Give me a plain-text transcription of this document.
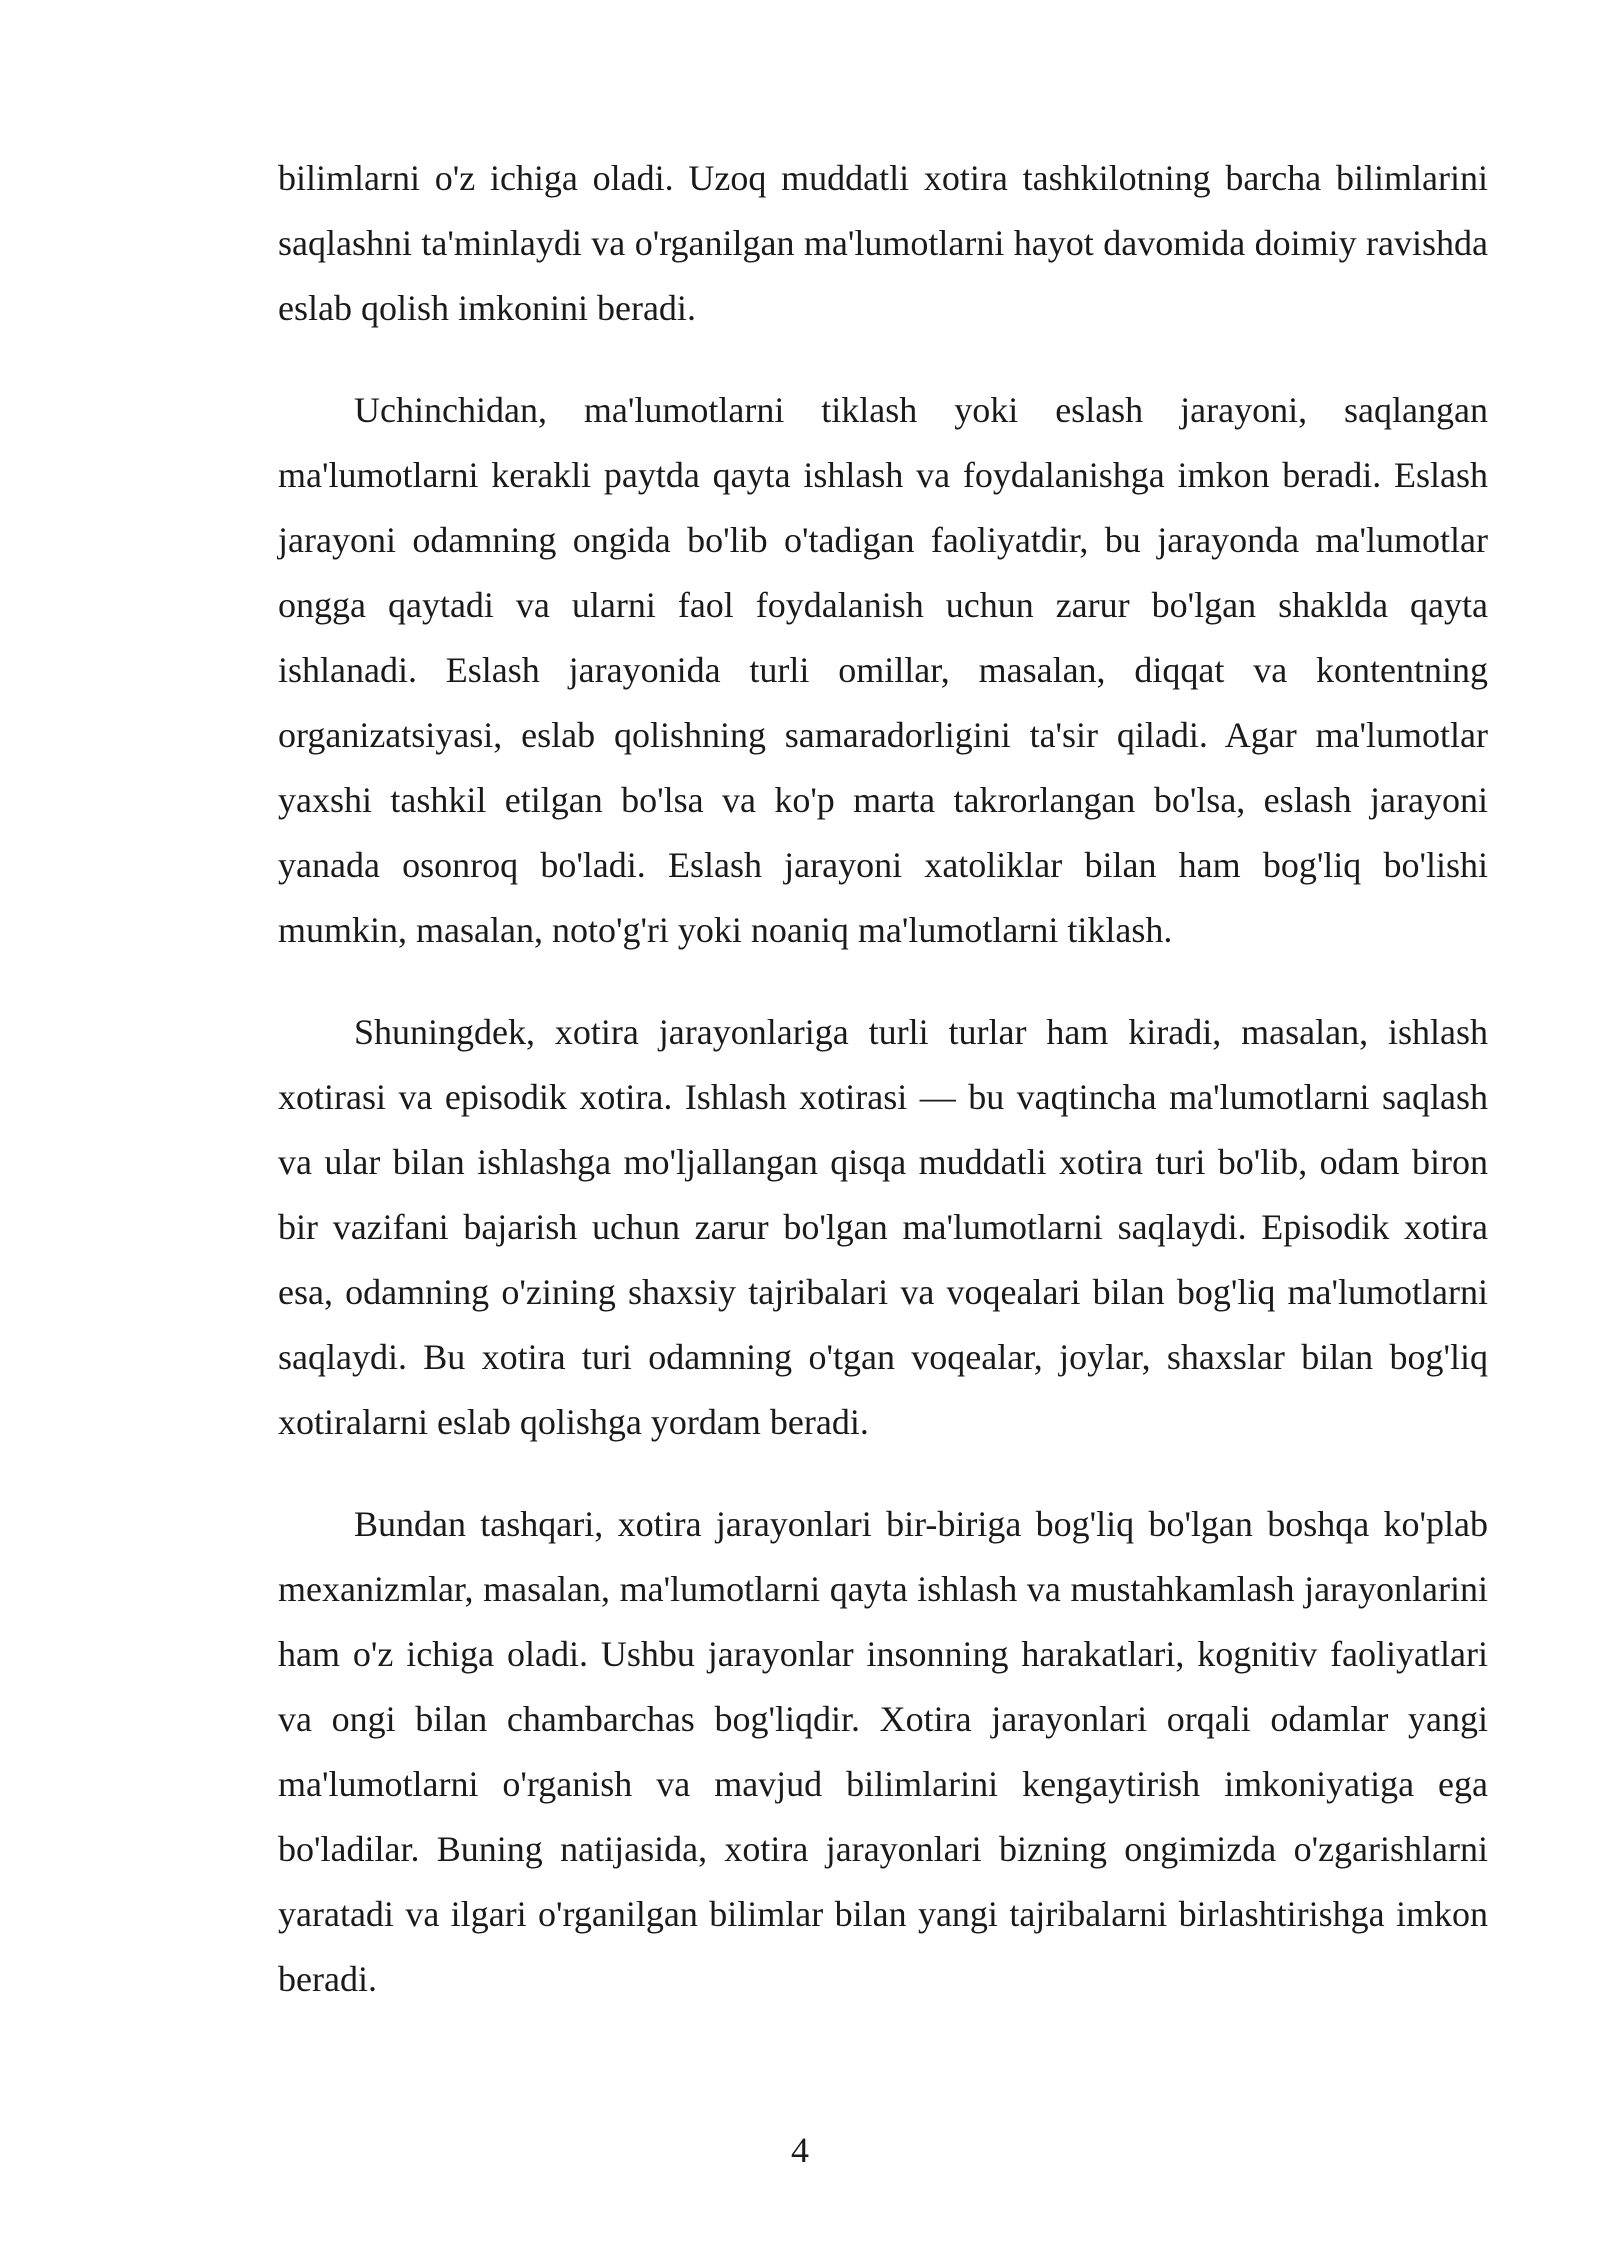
bilimlarni o'z ichiga oladi. Uzoq muddatli xotira tashkilotning barcha bilimlarini saqlashni ta'minlaydi va o'rganilgan ma'lumotlarni hayot davomida doimiy ravishda eslab qolish imkonini beradi.

Uchinchidan, ma'lumotlarni tiklash yoki eslash jarayoni, saqlangan ma'lumotlarni kerakli paytda qayta ishlash va foydalanishga imkon beradi. Eslash jarayoni odamning ongida bo'lib o'tadigan faoliyatdir, bu jarayonda ma'lumotlar ongga qaytadi va ularni faol foydalanish uchun zarur bo'lgan shaklda qayta ishlanadi. Eslash jarayonida turli omillar, masalan, diqqat va kontentning organizatsiyasi, eslab qolishning samaradorligini ta'sir qiladi. Agar ma'lumotlar yaxshi tashkil etilgan bo'lsa va ko'p marta takrorlangan bo'lsa, eslash jarayoni yanada osonroq bo'ladi. Eslash jarayoni xatoliklar bilan ham bog'liq bo'lishi mumkin, masalan, noto'g'ri yoki noaniq ma'lumotlarni tiklash.

Shuningdek, xotira jarayonlariga turli turlar ham kiradi, masalan, ishlash xotirasi va episodik xotira. Ishlash xotirasi — bu vaqtincha ma'lumotlarni saqlash va ular bilan ishlashga mo'ljallangan qisqa muddatli xotira turi bo'lib, odam biron bir vazifani bajarish uchun zarur bo'lgan ma'lumotlarni saqlaydi. Episodik xotira esa, odamning o'zining shaxsiy tajribalari va voqealari bilan bog'liq ma'lumotlarni saqlaydi. Bu xotira turi odamning o'tgan voqealar, joylar, shaxslar bilan bog'liq xotiralarni eslab qolishga yordam beradi.

Bundan tashqari, xotira jarayonlari bir-biriga bog'liq bo'lgan boshqa ko'plab mexanizmlar, masalan, ma'lumotlarni qayta ishlash va mustahkamlash jarayonlarini ham o'z ichiga oladi. Ushbu jarayonlar insonning harakatlari, kognitiv faoliyatlari va ongi bilan chambarchas bog'liqdir. Xotira jarayonlari orqali odamlar yangi ma'lumotlarni o'rganish va mavjud bilimlarini kengaytirish imkoniyatiga ega bo'ladilar. Buning natijasida, xotira jarayonlari bizning ongimizda o'zgarishlarni yaratadi va ilgari o'rganilgan bilimlar bilan yangi tajribalarni birlashtirishga imkon beradi.

4
